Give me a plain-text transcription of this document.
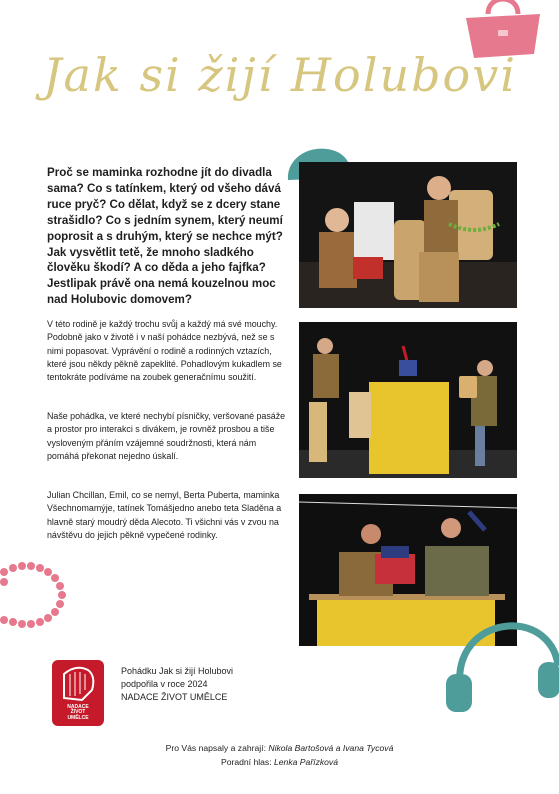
Jak si žijí Holubovi
Proč se maminka rozhodne jít do divadla sama? Co s tatínkem, který od všeho dává ruce pryč? Co dělat, když se z dcery stane strašidlo? Co s jedním synem, který neumí poprosit a s druhým, který se nechce mýt? Jak vysvětlit tetě, že mnoho sladkého člověku škodí? A co děda a jeho fajfka? Jestlipak právě ona nemá kouzelnou moc nad Holubovic domovem?
V této rodině je každý trochu svůj a každý má své mouchy. Podobně jako v životě i v naší pohádce nezbývá, než se s nimi popasovat. Vyprávění o rodině a rodinných vztazích, které jsou někdy pěkně zapeklité. Pohadlovým kukadlem se tentokráte podíváme na zoubek generačnímu soužití.
Naše pohádka, ve které nechybí písničky, veršované pasáže a prostor pro interakci s divákem, je rovněž prosbou a tiše vysloveným přáním vzájemné soudržnosti, která nám pomáhá překonat nejedno úskalí.
Julian Chcillan, Emil, co se nemyl, Berta Puberta, maminka Všechnomamýje, tatínek Tomášjedno anebo teta Sladěna a hlavně starý moudrý děda Alecoto. Ti všichni vás v zvou na návštěvu do jejich pěkně vypečené rodinky.
NADACE
ŽIVOT
UMĚLCE
Pohádku Jak si žijí Holubovi
podpořila v roce 2024
NADACE ŽIVOT UMĚLCE
Pro Vás napsaly a zahrají: Nikola Bartošová a Ivana Tycová
Poradní hlas: Lenka Pařízková
